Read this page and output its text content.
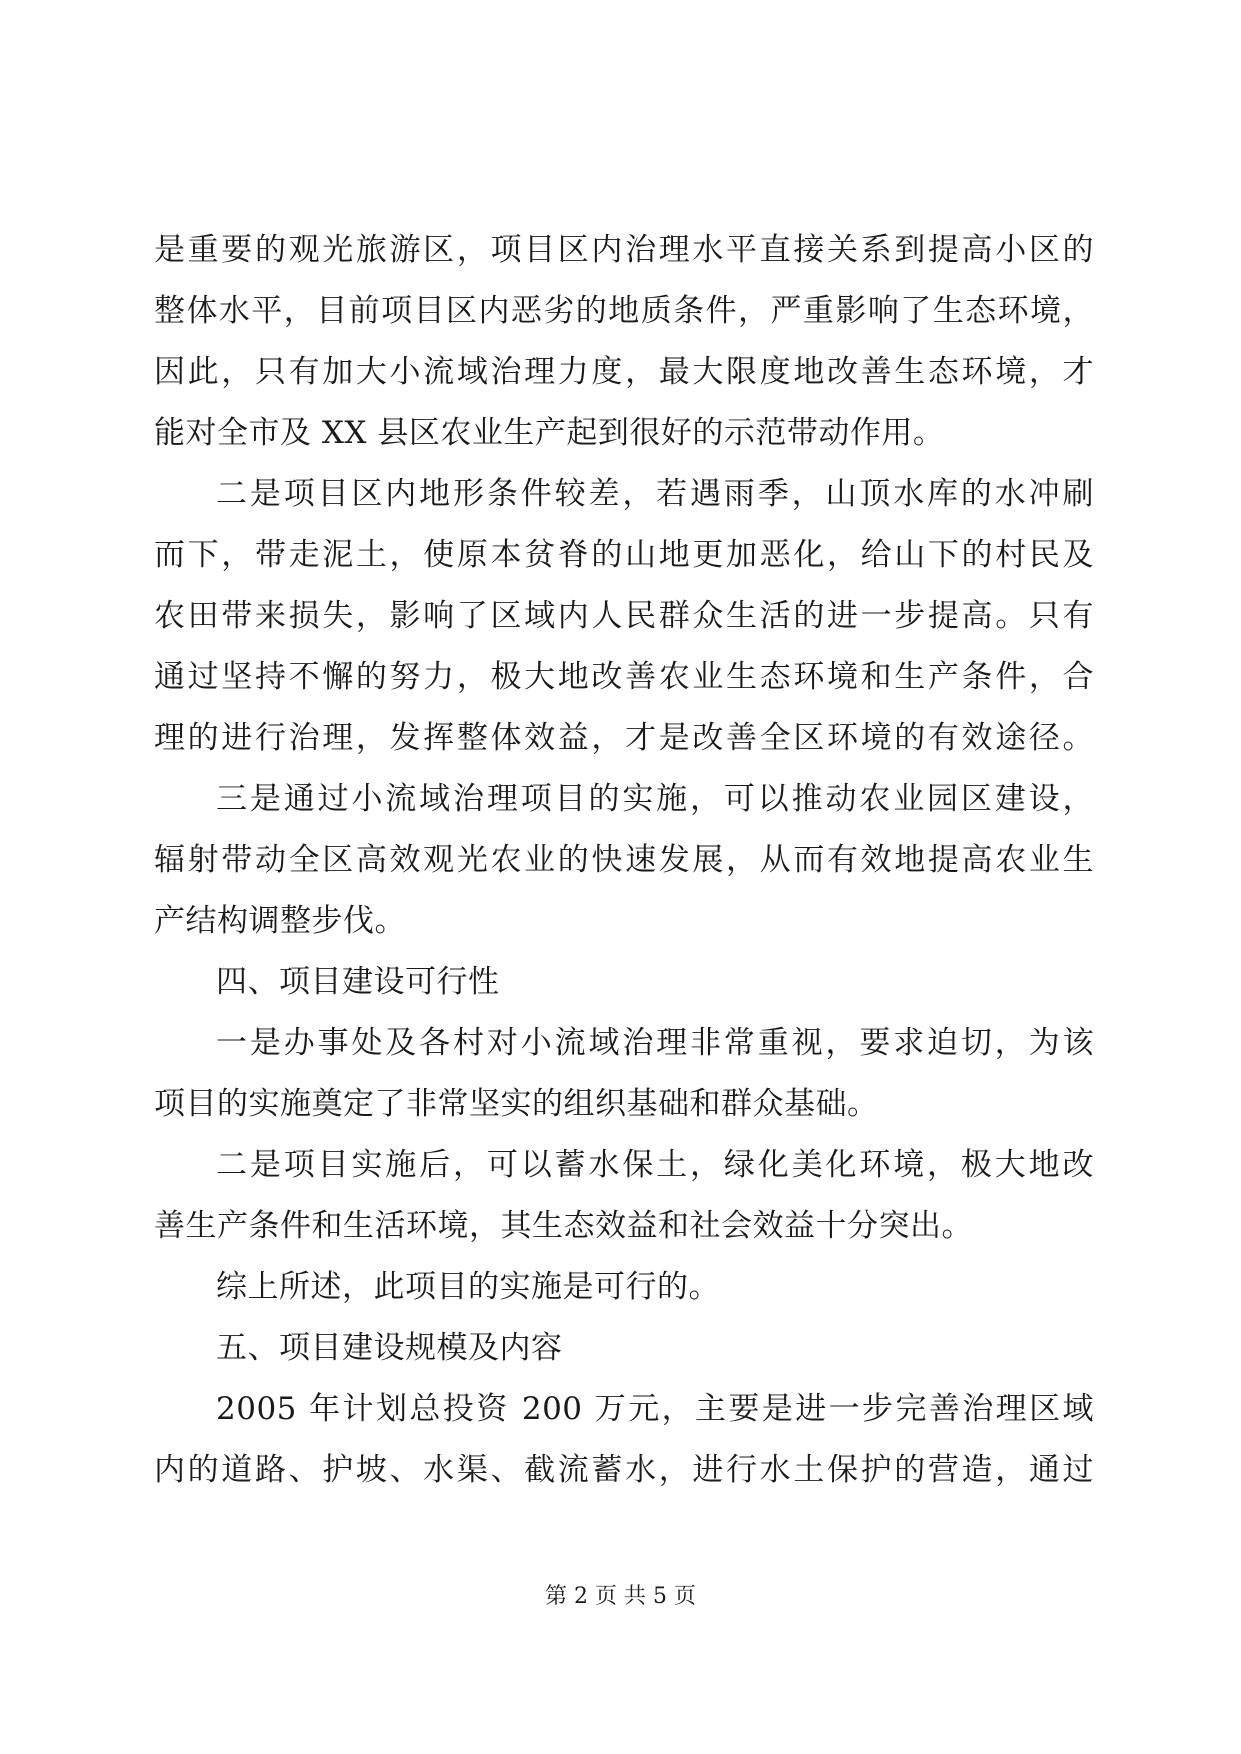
是重要的观光旅游区，项目区内治理水平直接关系到提高小区的
整体水平，目前项目区内恶劣的地质条件，严重影响了生态环境，
因此，只有加大小流域治理力度，最大限度地改善生态环境，才
能对全市及 XX 县区农业生产起到很好的示范带动作用。
二是项目区内地形条件较差，若遇雨季，山顶水库的水冲刷
而下，带走泥土，使原本贫脊的山地更加恶化，给山下的村民及
农田带来损失，影响了区域内人民群众生活的进一步提高。只有
通过坚持不懈的努力，极大地改善农业生态环境和生产条件，合
理的进行治理，发挥整体效益，才是改善全区环境的有效途径。
三是通过小流域治理项目的实施，可以推动农业园区建设，
辐射带动全区高效观光农业的快速发展，从而有效地提高农业生
产结构调整步伐。
四、项目建设可行性
一是办事处及各村对小流域治理非常重视，要求迫切，为该
项目的实施奠定了非常坚实的组织基础和群众基础。
二是项目实施后，可以蓄水保土，绿化美化环境，极大地改
善生产条件和生活环境，其生态效益和社会效益十分突出。
综上所述，此项目的实施是可行的。
五、项目建设规模及内容
2005 年计划总投资 200 万元，主要是进一步完善治理区域
内的道路、护坡、水渠、截流蓄水，进行水土保护的营造，通过
第 2 页 共 5 页
